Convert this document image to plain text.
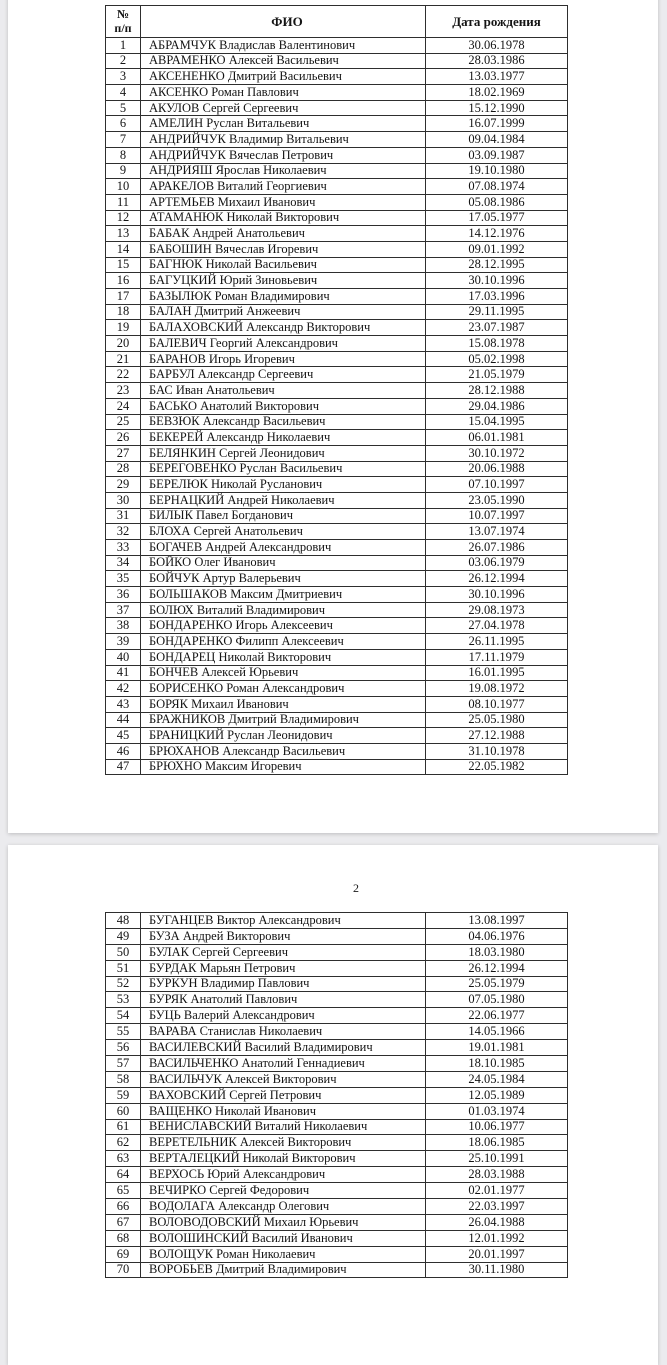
№
п/п	ФИО	Дата рождения
1	АБРАМЧУК Владислав Валентинович	30.06.1978
2	АВРАМЕНКО Алексей Васильевич	28.03.1986
3	АКСЕНЕНКО Дмитрий Васильевич	13.03.1977
4	АКСЕНКО Роман Павлович	18.02.1969
5	АКУЛОВ Сергей Сергеевич	15.12.1990
6	АМЕЛИН Руслан Витальевич	16.07.1999
7	АНДРИЙЧУК Владимир Витальевич	09.04.1984
8	АНДРИЙЧУК Вячеслав Петрович	03.09.1987
9	АНДРИЯШ Ярослав Николаевич	19.10.1980
10	АРАКЕЛОВ Виталий Георгиевич	07.08.1974
11	АРТЕМЬЕВ Михаил Иванович	05.08.1986
12	АТАМАНЮК Николай Викторович	17.05.1977
13	БАБАК Андрей Анатольевич	14.12.1976
14	БАБОШИН Вячеслав Игоревич	09.01.1992
15	БАГНЮК Николай Васильевич	28.12.1995
16	БАГУЦКИЙ Юрий Зиновьевич	30.10.1996
17	БАЗЫЛЮК Роман Владимирович	17.03.1996
18	БАЛАН Дмитрий Анжеевич	29.11.1995
19	БАЛАХОВСКИЙ Александр Викторович	23.07.1987
20	БАЛЕВИЧ Георгий Александрович	15.08.1978
21	БАРАНОВ Игорь Игоревич	05.02.1998
22	БАРБУЛ Александр Сергеевич	21.05.1979
23	БАС Иван Анатольевич	28.12.1988
24	БАСЬКО Анатолий Викторович	29.04.1986
25	БЕВЗЮК Александр Васильевич	15.04.1995
26	БЕКЕРЕЙ Александр Николаевич	06.01.1981
27	БЕЛЯНКИН Сергей Леонидович	30.10.1972
28	БЕРЕГОВЕНКО Руслан Васильевич	20.06.1988
29	БЕРЕЛЮК Николай Русланович	07.10.1997
30	БЕРНАЦКИЙ Андрей Николаевич	23.05.1990
31	БИЛЫК Павел Богданович	10.07.1997
32	БЛОХА Сергей Анатольевич	13.07.1974
33	БОГАЧЕВ Андрей Александрович	26.07.1986
34	БОЙКО Олег Иванович	03.06.1979
35	БОЙЧУК Артур Валерьевич	26.12.1994
36	БОЛЬШАКОВ Максим Дмитриевич	30.10.1996
37	БОЛЮХ Виталий Владимирович	29.08.1973
38	БОНДАРЕНКО Игорь Алексеевич	27.04.1978
39	БОНДАРЕНКО Филипп Алексеевич	26.11.1995
40	БОНДАРЕЦ Николай Викторович	17.11.1979
41	БОНЧЕВ Алексей Юрьевич	16.01.1995
42	БОРИСЕНКО Роман Александрович	19.08.1972
43	БОРЯК Михаил Иванович	08.10.1977
44	БРАЖНИКОВ Дмитрий Владимирович	25.05.1980
45	БРАНИЦКИЙ Руслан Леонидович	27.12.1988
46	БРЮХАНОВ Александр Васильевич	31.10.1978
47	БРЮХНО Максим Игоревич	22.05.1982
2
48	БУГАНЦЕВ Виктор Александрович	13.08.1997
49	БУЗА Андрей Викторович	04.06.1976
50	БУЛАК Сергей Сергеевич	18.03.1980
51	БУРДАК Марьян Петрович	26.12.1994
52	БУРКУН Владимир Павлович	25.05.1979
53	БУРЯК Анатолий Павлович	07.05.1980
54	БУЦЬ Валерий Александрович	22.06.1977
55	ВАРАВА Станислав Николаевич	14.05.1966
56	ВАСИЛЕВСКИЙ Василий Владимирович	19.01.1981
57	ВАСИЛЬЧЕНКО Анатолий Геннадиевич	18.10.1985
58	ВАСИЛЬЧУК Алексей Викторович	24.05.1984
59	ВАХОВСКИЙ Сергей Петрович	12.05.1989
60	ВАЩЕНКО Николай Иванович	01.03.1974
61	ВЕНИСЛАВСКИЙ Виталий Николаевич	10.06.1977
62	ВЕРЕТЕЛЬНИК Алексей Викторович	18.06.1985
63	ВЕРТАЛЕЦКИЙ Николай Викторович	25.10.1991
64	ВЕРХОСЬ Юрий Александрович	28.03.1988
65	ВЕЧИРКО Сергей Федорович	02.01.1977
66	ВОДОЛАГА Александр Олегович	22.03.1997
67	ВОЛОВОДОВСКИЙ Михаил Юрьевич	26.04.1988
68	ВОЛОШИНСКИЙ Василий Иванович	12.01.1992
69	ВОЛОЩУК Роман Николаевич	20.01.1997
70	ВОРОБЬЕВ Дмитрий Владимирович	30.11.1980
